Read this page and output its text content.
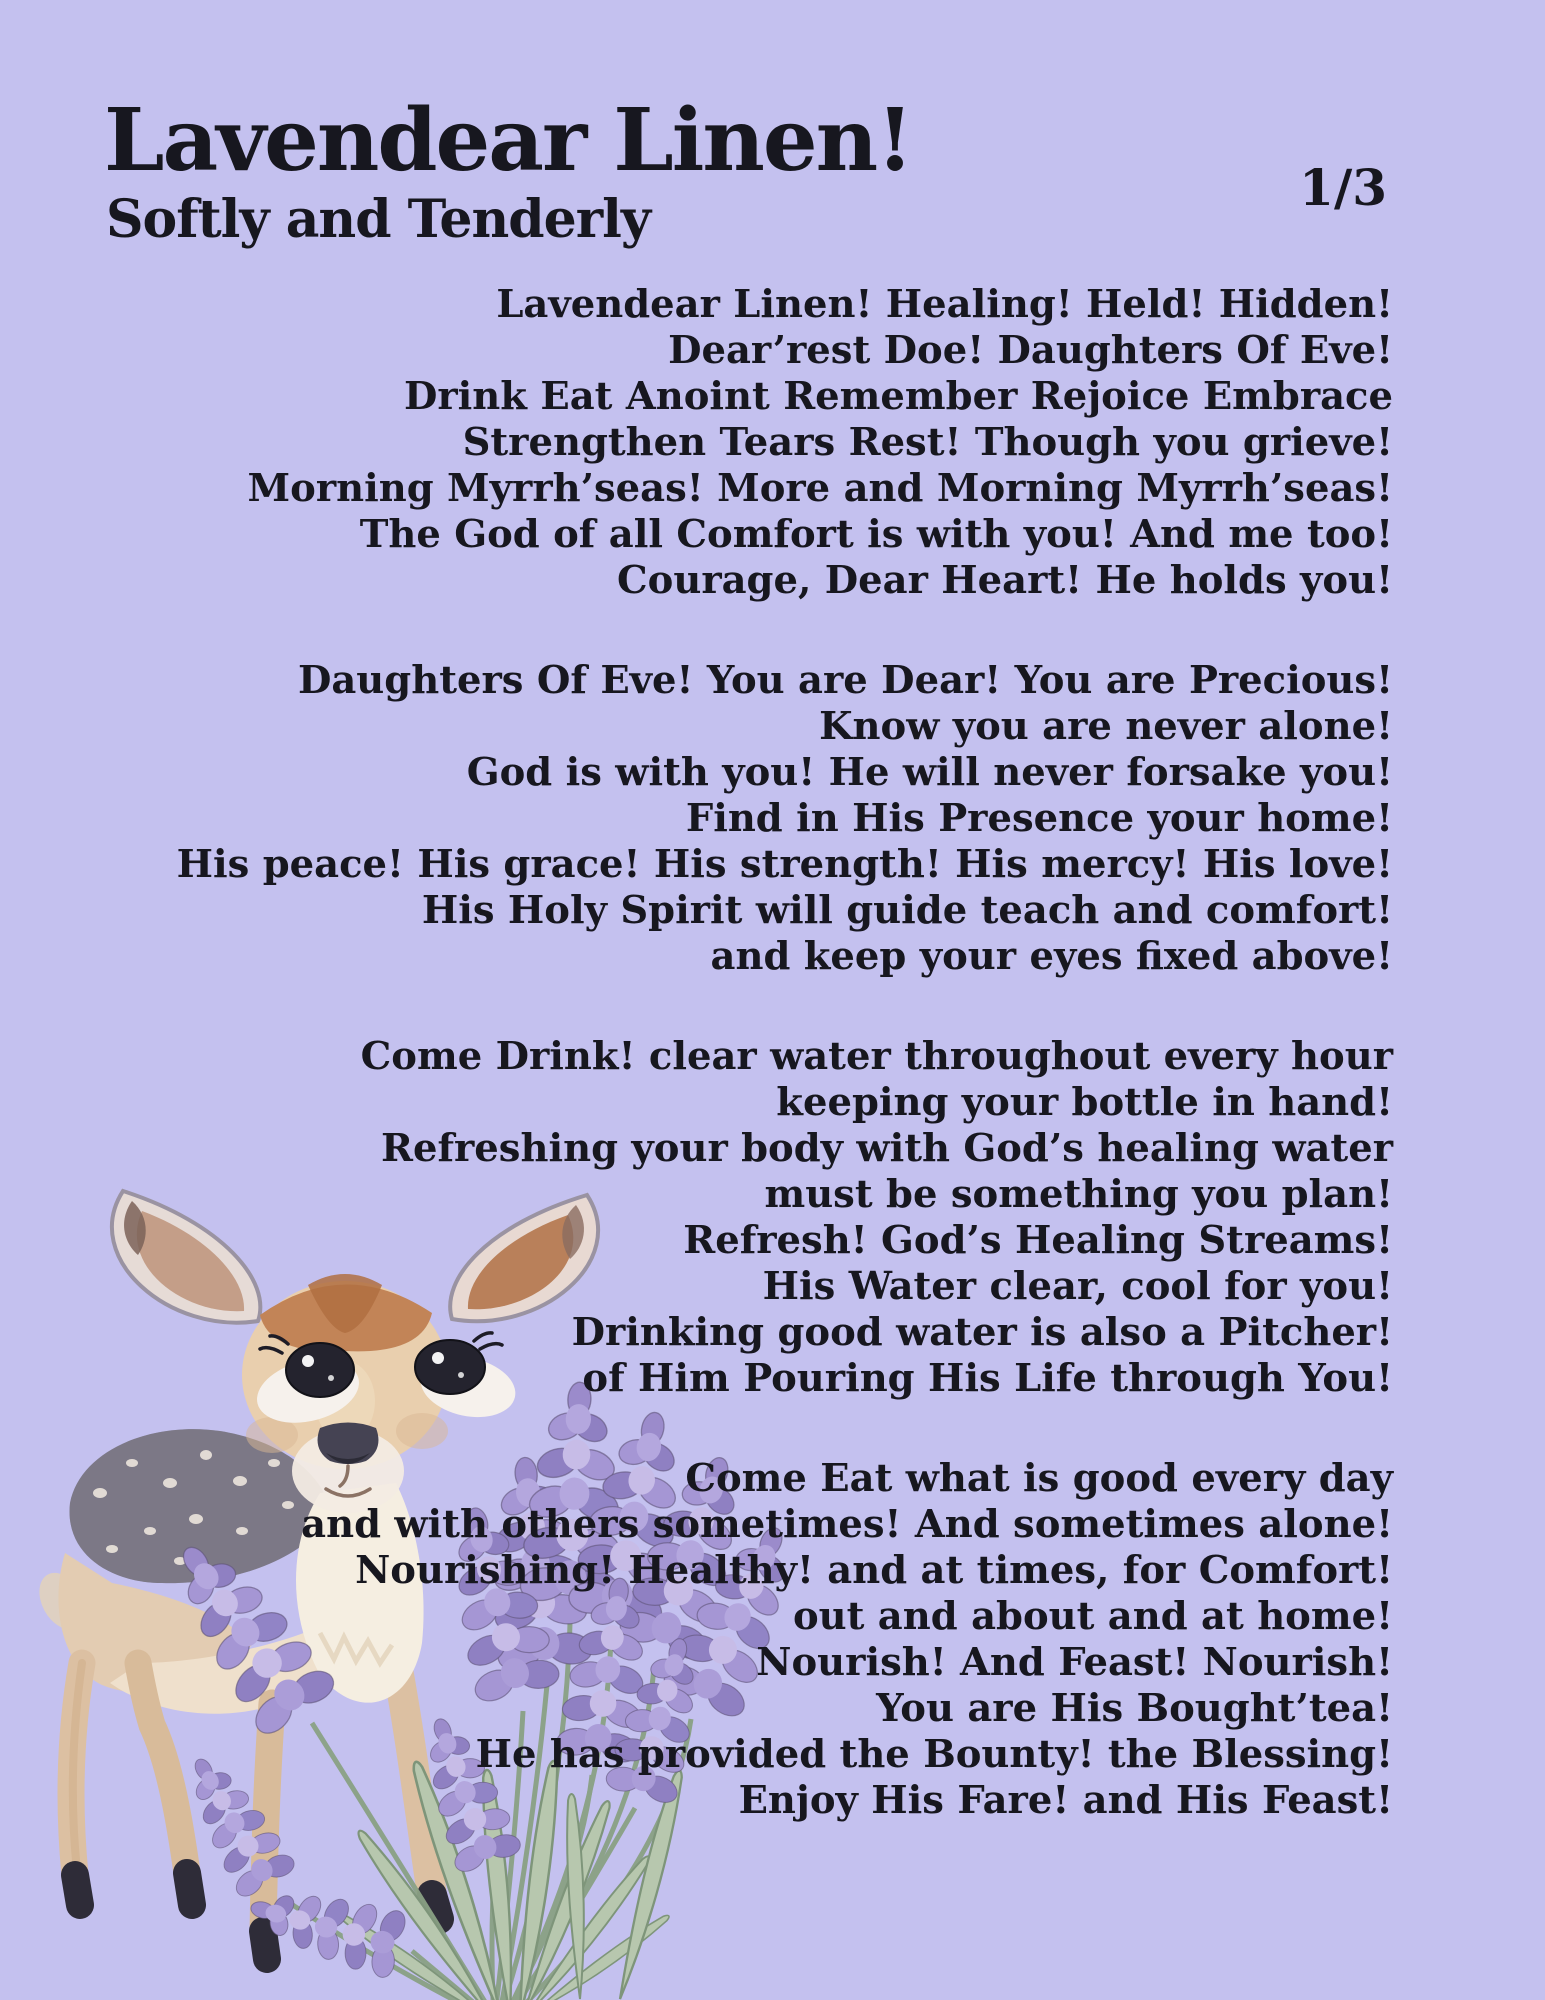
Lavendear Linen!
Softly and Tenderly
1/3
Lavendear Linen! Healing! Held! Hidden!
Dear’rest Doe! Daughters Of Eve!
Drink Eat Anoint Remember Rejoice Embrace
Strengthen Tears Rest! Though you grieve!
Morning Myrrh’seas! More and Morning Myrrh’seas!
The God of all Comfort is with you! And me too!
Courage, Dear Heart! He holds you!
Daughters Of Eve! You are Dear! You are Precious!
Know you are never alone!
God is with you! He will never forsake you!
Find in His Presence your home!
His peace! His grace! His strength! His mercy! His love!
His Holy Spirit will guide teach and comfort!
and keep your eyes fixed above!
Come Drink! clear water throughout every hour
keeping your bottle in hand!
Refreshing your body with God’s healing water
must be something you plan!
Refresh! God’s Healing Streams!
His Water clear, cool for you!
Drinking good water is also a Pitcher!
of Him Pouring His Life through You!
Come Eat what is good every day
and with others sometimes! And sometimes alone!
Nourishing! Healthy! and at times, for Comfort!
out and about and at home!
Nourish! And Feast! Nourish!
You are His Bought’tea!
He has provided the Bounty! the Blessing!
Enjoy His Fare! and His Feast!
